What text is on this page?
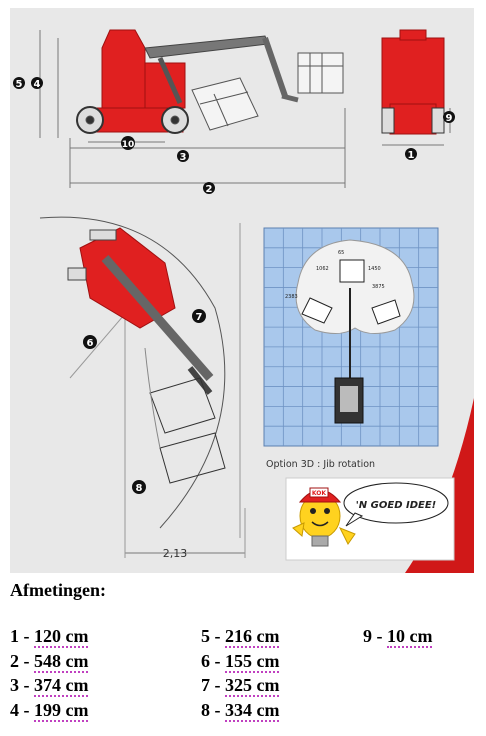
5 4
10
3
2
1
9
6
7
8
2,13
65
2383
1062	1450
3875
Option 3D : Jib rotation
KOK
'N GOED IDEE!
Afmetingen:
1 - 120 cm
2 - 548 cm
3 - 374 cm
4 - 199 cm
5 - 216 cm
6 - 155 cm
7 - 325 cm
8 - 334 cm
9 - 10 cm
